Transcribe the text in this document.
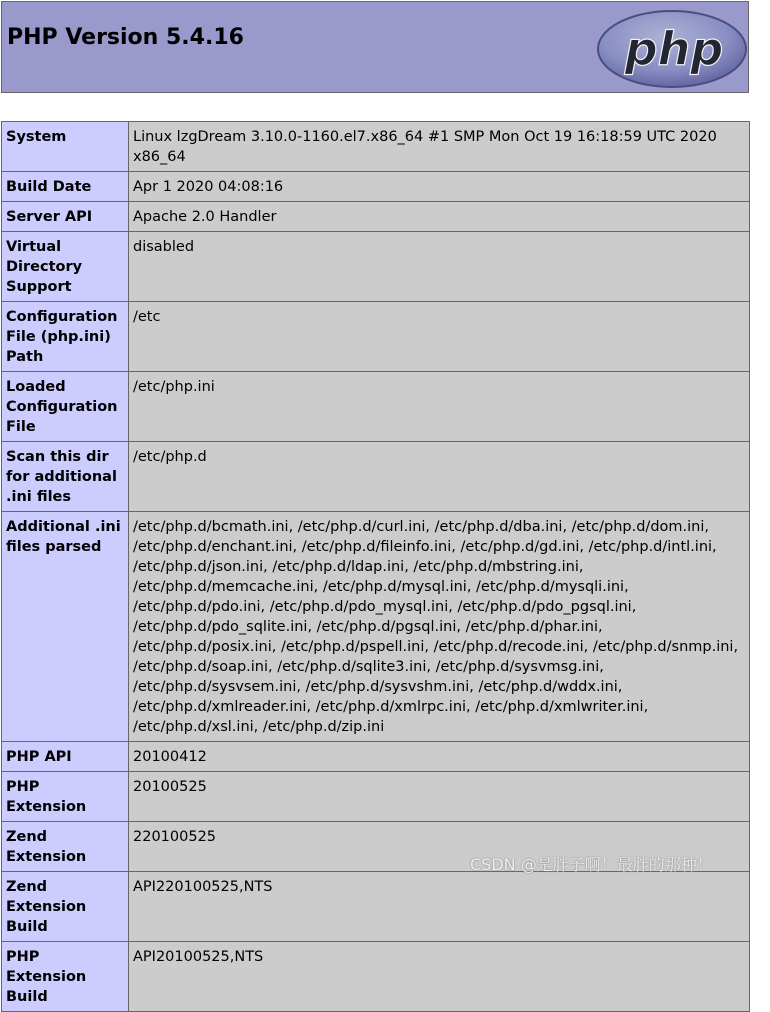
PHP Version 5.4.16	php
System	Linux lzgDream 3.10.0-1160.el7.x86_64 #1 SMP Mon Oct 19 16:18:59 UTC 2020 x86_64
Build Date	Apr 1 2020 04:08:16
Server API	Apache 2.0 Handler
Virtual Directory Support	disabled
Configuration File (php.ini) Path	/etc
Loaded Configuration File	/etc/php.ini
Scan this dir for additional .ini files	/etc/php.d
Additional .ini files parsed	/etc/php.d/bcmath.ini, /etc/php.d/curl.ini, /etc/php.d/dba.ini, /etc/php.d/dom.ini, /etc/php.d/enchant.ini, /etc/php.d/fileinfo.ini, /etc/php.d/gd.ini, /etc/php.d/intl.ini, /etc/php.d/json.ini, /etc/php.d/ldap.ini, /etc/php.d/mbstring.ini, /etc/php.d/memcache.ini, /etc/php.d/mysql.ini, /etc/php.d/mysqli.ini, /etc/php.d/pdo.ini, /etc/php.d/pdo_mysql.ini, /etc/php.d/pdo_pgsql.ini, /etc/php.d/pdo_sqlite.ini, /etc/php.d/pgsql.ini, /etc/php.d/phar.ini, /etc/php.d/posix.ini, /etc/php.d/pspell.ini, /etc/php.d/recode.ini, /etc/php.d/snmp.ini, /etc/php.d/soap.ini, /etc/php.d/sqlite3.ini, /etc/php.d/sysvmsg.ini, /etc/php.d/sysvsem.ini, /etc/php.d/sysvshm.ini, /etc/php.d/wddx.ini, /etc/php.d/xmlreader.ini, /etc/php.d/xmlrpc.ini, /etc/php.d/xmlwriter.ini, /etc/php.d/xsl.ini, /etc/php.d/zip.ini
PHP API	20100412
PHP Extension	20100525
Zend Extension	220100525
Zend Extension Build	API220100525,NTS
PHP Extension Build	API20100525,NTS
CSDN @是胖子啊！最胖的那种！
